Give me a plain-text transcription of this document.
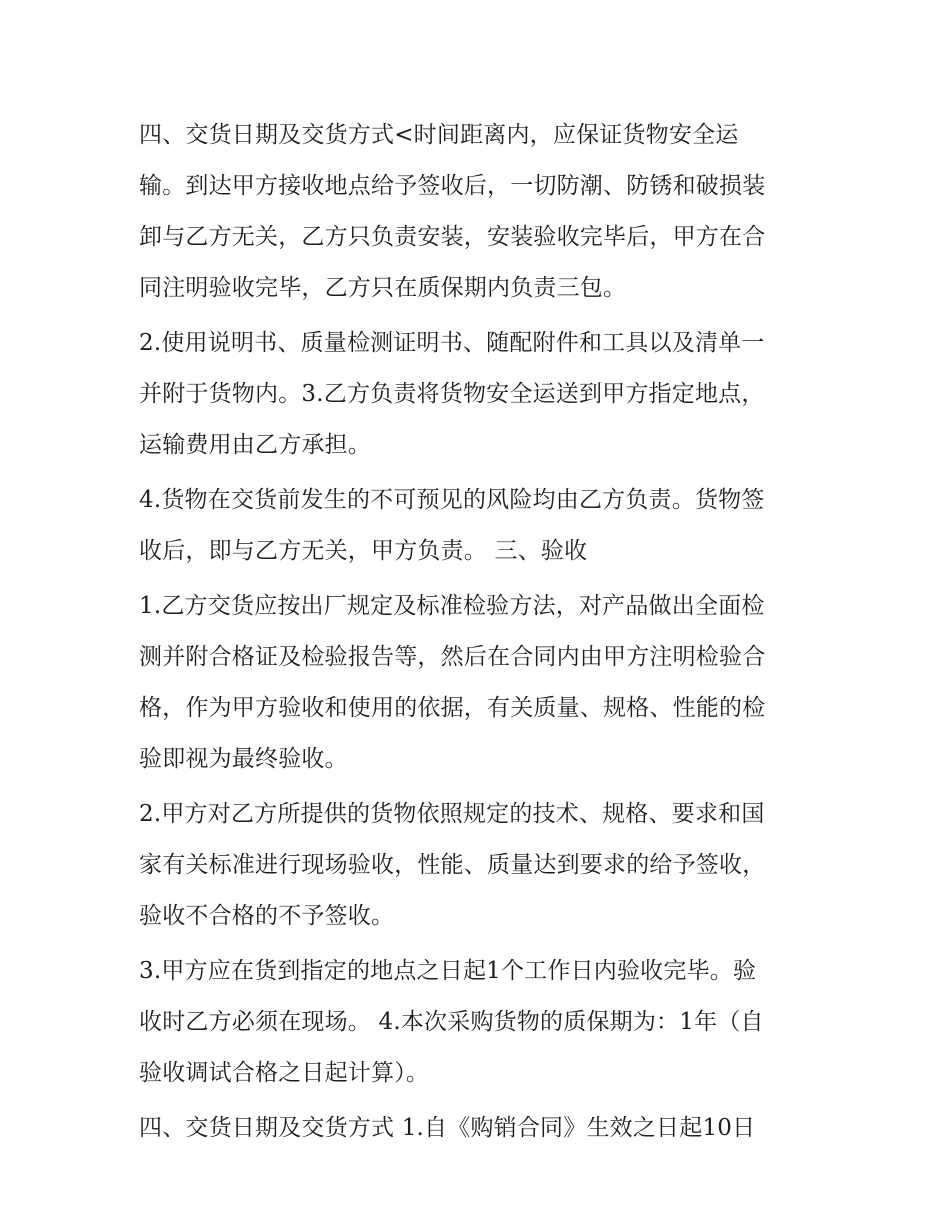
四、交货日期及交货方式<时间距离内，应保证货物安全运
输。到达甲方接收地点给予签收后，一切防潮、防锈和破损装
卸与乙方无关，乙方只负责安装，安装验收完毕后，甲方在合
同注明验收完毕，乙方只在质保期内负责三包。

2.使用说明书、质量检测证明书、随配附件和工具以及清单一
并附于货物内。3.乙方负责将货物安全运送到甲方指定地点，
运输费用由乙方承担。

4.货物在交货前发生的不可预见的风险均由乙方负责。货物签
收后，即与乙方无关，甲方负责。 三、验收

1.乙方交货应按出厂规定及标准检验方法，对产品做出全面检
测并附合格证及检验报告等，然后在合同内由甲方注明检验合
格，作为甲方验收和使用的依据，有关质量、规格、性能的检
验即视为最终验收。

2.甲方对乙方所提供的货物依照规定的技术、规格、要求和国
家有关标准进行现场验收，性能、质量达到要求的给予签收，
验收不合格的不予签收。

3.甲方应在货到指定的地点之日起1个工作日内验收完毕。验
收时乙方必须在现场。 4.本次采购货物的质保期为：1年（自
验收调试合格之日起计算）。

四、交货日期及交货方式 1.自《购销合同》生效之日起10日
